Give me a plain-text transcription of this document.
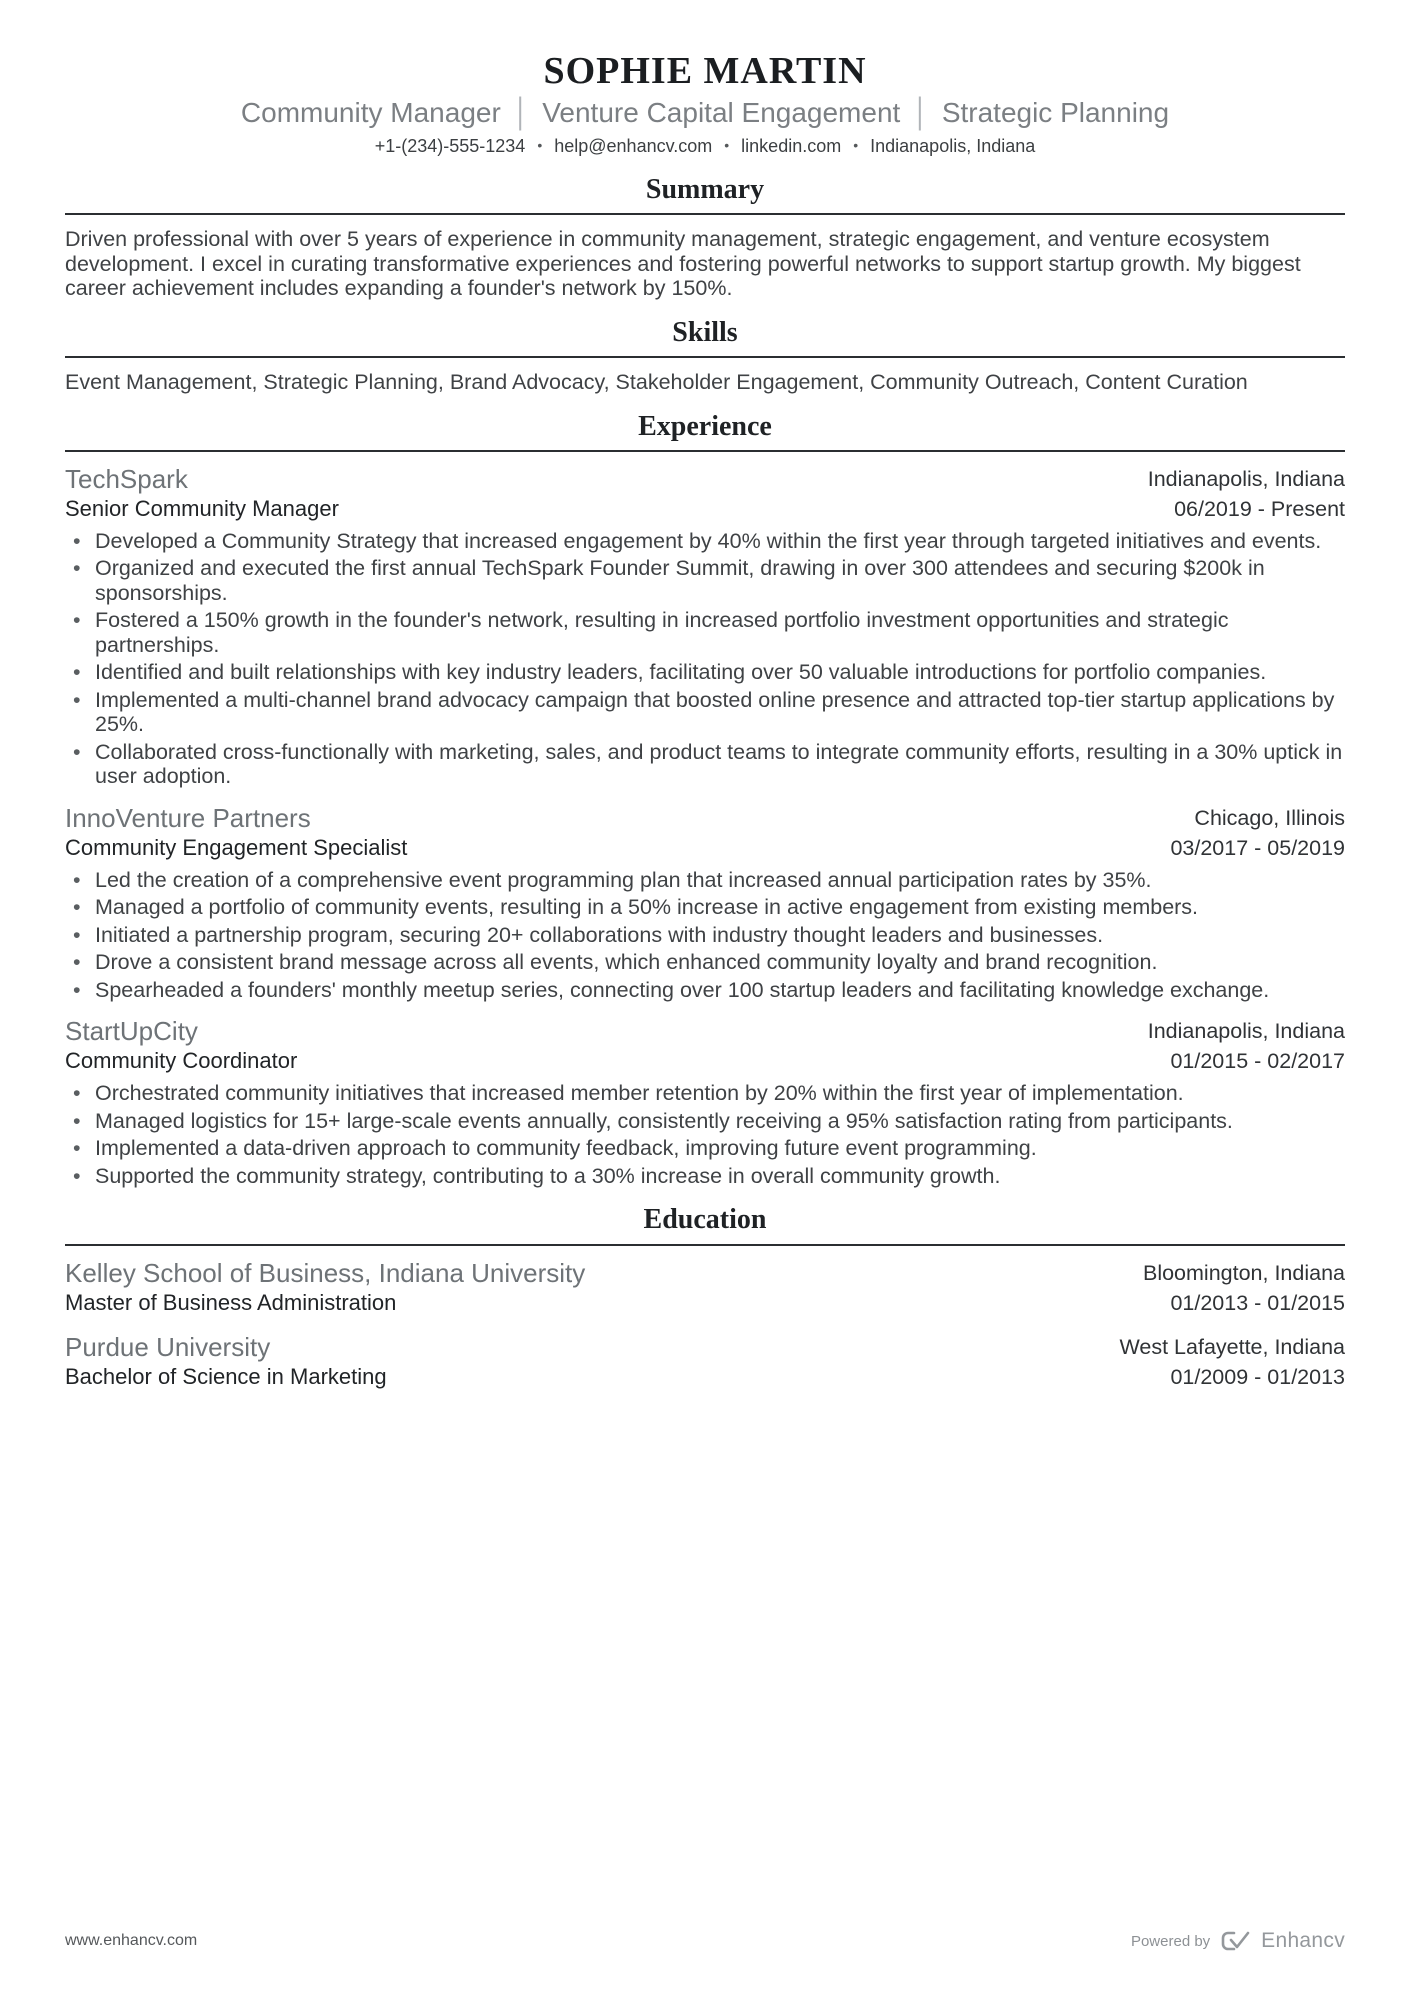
SOPHIE MARTIN
Community Manager │ Venture Capital Engagement │ Strategic Planning
+1-(234)-555-1234 • help@enhancv.com • linkedin.com • Indianapolis, Indiana
Summary

Driven professional with over 5 years of experience in community management, strategic engagement, and venture ecosystem development. I excel in curating transformative experiences and fostering powerful networks to support startup growth. My biggest career achievement includes expanding a founder's network by 150%.

Skills

Event Management, Strategic Planning, Brand Advocacy, Stakeholder Engagement, Community Outreach, Content Curation

Experience
TechSpark
Senior Community Manager
Indianapolis, Indiana
06/2019 - Present
• Developed a Community Strategy that increased engagement by 40% within the first year through targeted initiatives and events.
• Organized and executed the first annual TechSpark Founder Summit, drawing in over 300 attendees and securing $200k in sponsorships.
• Fostered a 150% growth in the founder's network, resulting in increased portfolio investment opportunities and strategic partnerships.
• Identified and built relationships with key industry leaders, facilitating over 50 valuable introductions for portfolio companies.
• Implemented a multi-channel brand advocacy campaign that boosted online presence and attracted top-tier startup applications by 25%.
• Collaborated cross-functionally with marketing, sales, and product teams to integrate community efforts, resulting in a 30% uptick in user adoption.
InnoVenture Partners
Community Engagement Specialist
Chicago, Illinois
03/2017 - 05/2019
• Led the creation of a comprehensive event programming plan that increased annual participation rates by 35%.
• Managed a portfolio of community events, resulting in a 50% increase in active engagement from existing members.
• Initiated a partnership program, securing 20+ collaborations with industry thought leaders and businesses.
• Drove a consistent brand message across all events, which enhanced community loyalty and brand recognition.
• Spearheaded a founders' monthly meetup series, connecting over 100 startup leaders and facilitating knowledge exchange.
StartUpCity
Community Coordinator
Indianapolis, Indiana
01/2015 - 02/2017
• Orchestrated community initiatives that increased member retention by 20% within the first year of implementation.
• Managed logistics for 15+ large-scale events annually, consistently receiving a 95% satisfaction rating from participants.
• Implemented a data-driven approach to community feedback, improving future event programming.
• Supported the community strategy, contributing to a 30% increase in overall community growth.
Education
Kelley School of Business, Indiana University
Master of Business Administration
Bloomington, Indiana
01/2013 - 01/2015
Purdue University
Bachelor of Science in Marketing
West Lafayette, Indiana
01/2009 - 01/2013
www.enhancv.com	Powered by Enhancv
